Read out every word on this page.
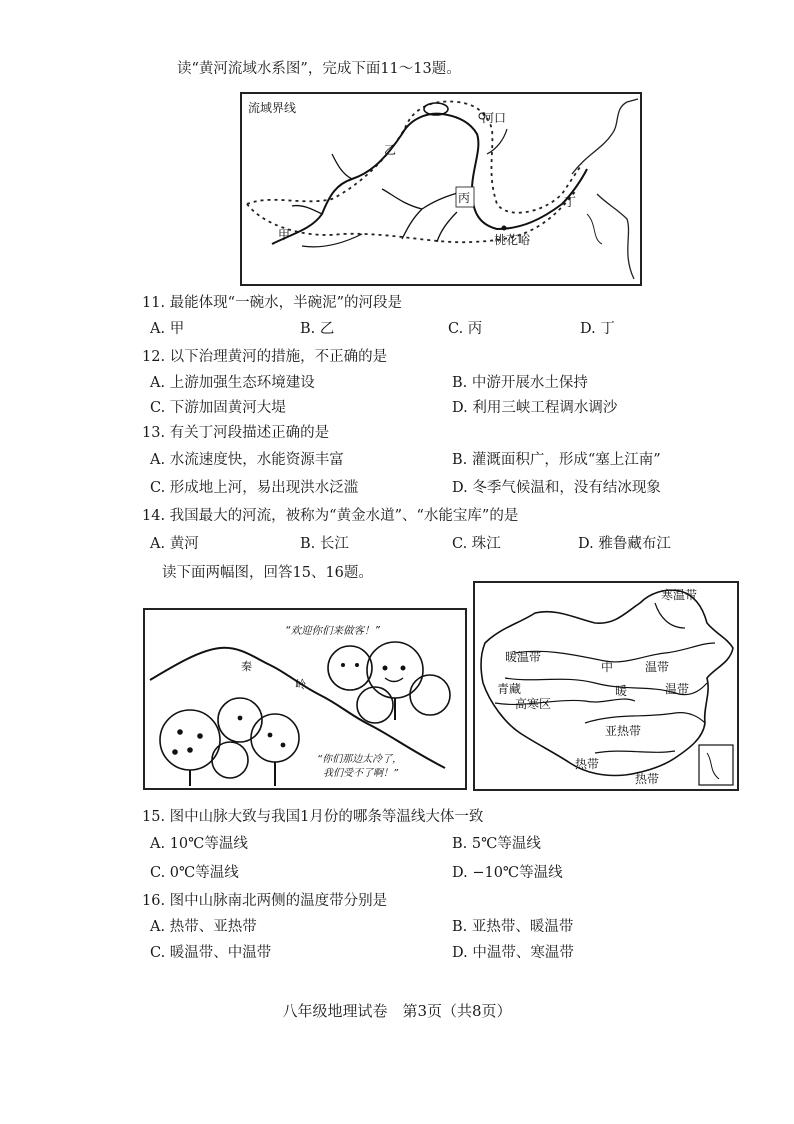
读“黄河流域水系图”，完成下面11～13题。
流域界线
河口
乙
丙	丁
甲	桃花峪
11. 最能体现“一碗水，半碗泥”的河段是
A. 甲	B. 乙	C. 丙	D. 丁
12. 以下治理黄河的措施，不正确的是
A. 上游加强生态环境建设	B. 中游开展水土保持
C. 下游加固黄河大堤	D. 利用三峡工程调水调沙
13. 有关丁河段描述正确的是
A. 水流速度快，水能资源丰富	B. 灌溉面积广，形成“塞上江南”
C. 形成地上河，易出现洪水泛滥	D. 冬季气候温和，没有结冰现象
14. 我国最大的河流，被称为“黄金水道”、“水能宝库”的是
A. 黄河	B. 长江	C. 珠江	D. 雅鲁藏布江
读下面两幅图，回答15、16题。
“欢迎你们来做客！”
“你们那边太冷了，
我们受不了啊！”
秦
岭
寒温带
中	温带
暖温带
暖	温带
青藏
高寒区
亚热带
热带
热带
15. 图中山脉大致与我国1月份的哪条等温线大体一致
A. 10℃等温线	B. 5℃等温线
C. 0℃等温线	D. −10℃等温线
16. 图中山脉南北两侧的温度带分别是
A. 热带、亚热带	B. 亚热带、暖温带
C. 暖温带、中温带	D. 中温带、寒温带
八年级地理试卷　第3页（共8页）
